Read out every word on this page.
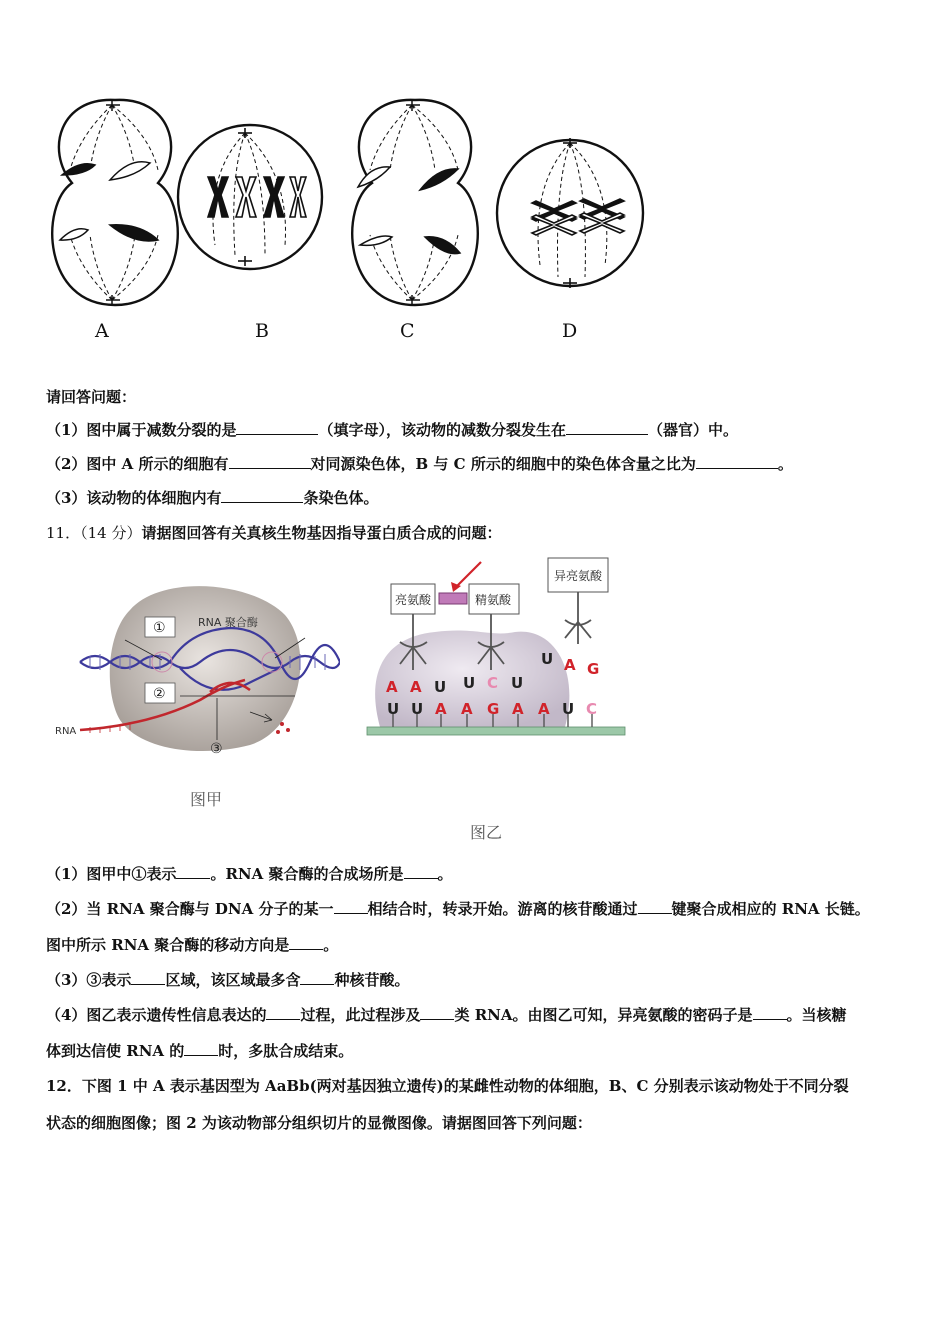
A	B	C	D
请回答问题：
（1）图中属于减数分裂的是	（填字母），该动物的减数分裂发生在	（器官）中。
（2）图中 A 所示的细胞有	对同源染色体，B 与 C 所示的细胞中的染色体含量之比为	。
（3）该动物的体细胞内有	条染色体。
11．（14 分）请据图回答有关真核生物基因指导蛋白质合成的问题：
①
②
③
RNA 聚合酶
RNA
图甲
亮氨酸	精氨酸
异亮氨酸
A A U U C U
U A G
U U A A G A A U C
图乙
（1）图甲中①表示 。RNA 聚合酶的合成场所是 。
（2）当 RNA 聚合酶与 DNA 分子的某一 相结合时，转录开始。游离的核苷酸通过 键聚合成相应的 RNA 长链。
图中所示 RNA 聚合酶的移动方向是 。
（3）③表示 区域，该区域最多含 种核苷酸。
（4）图乙表示遗传性信息表达的 过程，此过程涉及 类 RNA。由图乙可知，异亮氨酸的密码子是 。当核糖
体到达信使 RNA 的 时，多肽合成结束。
12．下图 1 中 A 表示基因型为 AaBb(两对基因独立遗传)的某雌性动物的体细胞，B、C 分别表示该动物处于不同分裂
状态的细胞图像；图 2 为该动物部分组织切片的显微图像。请据图回答下列问题：
